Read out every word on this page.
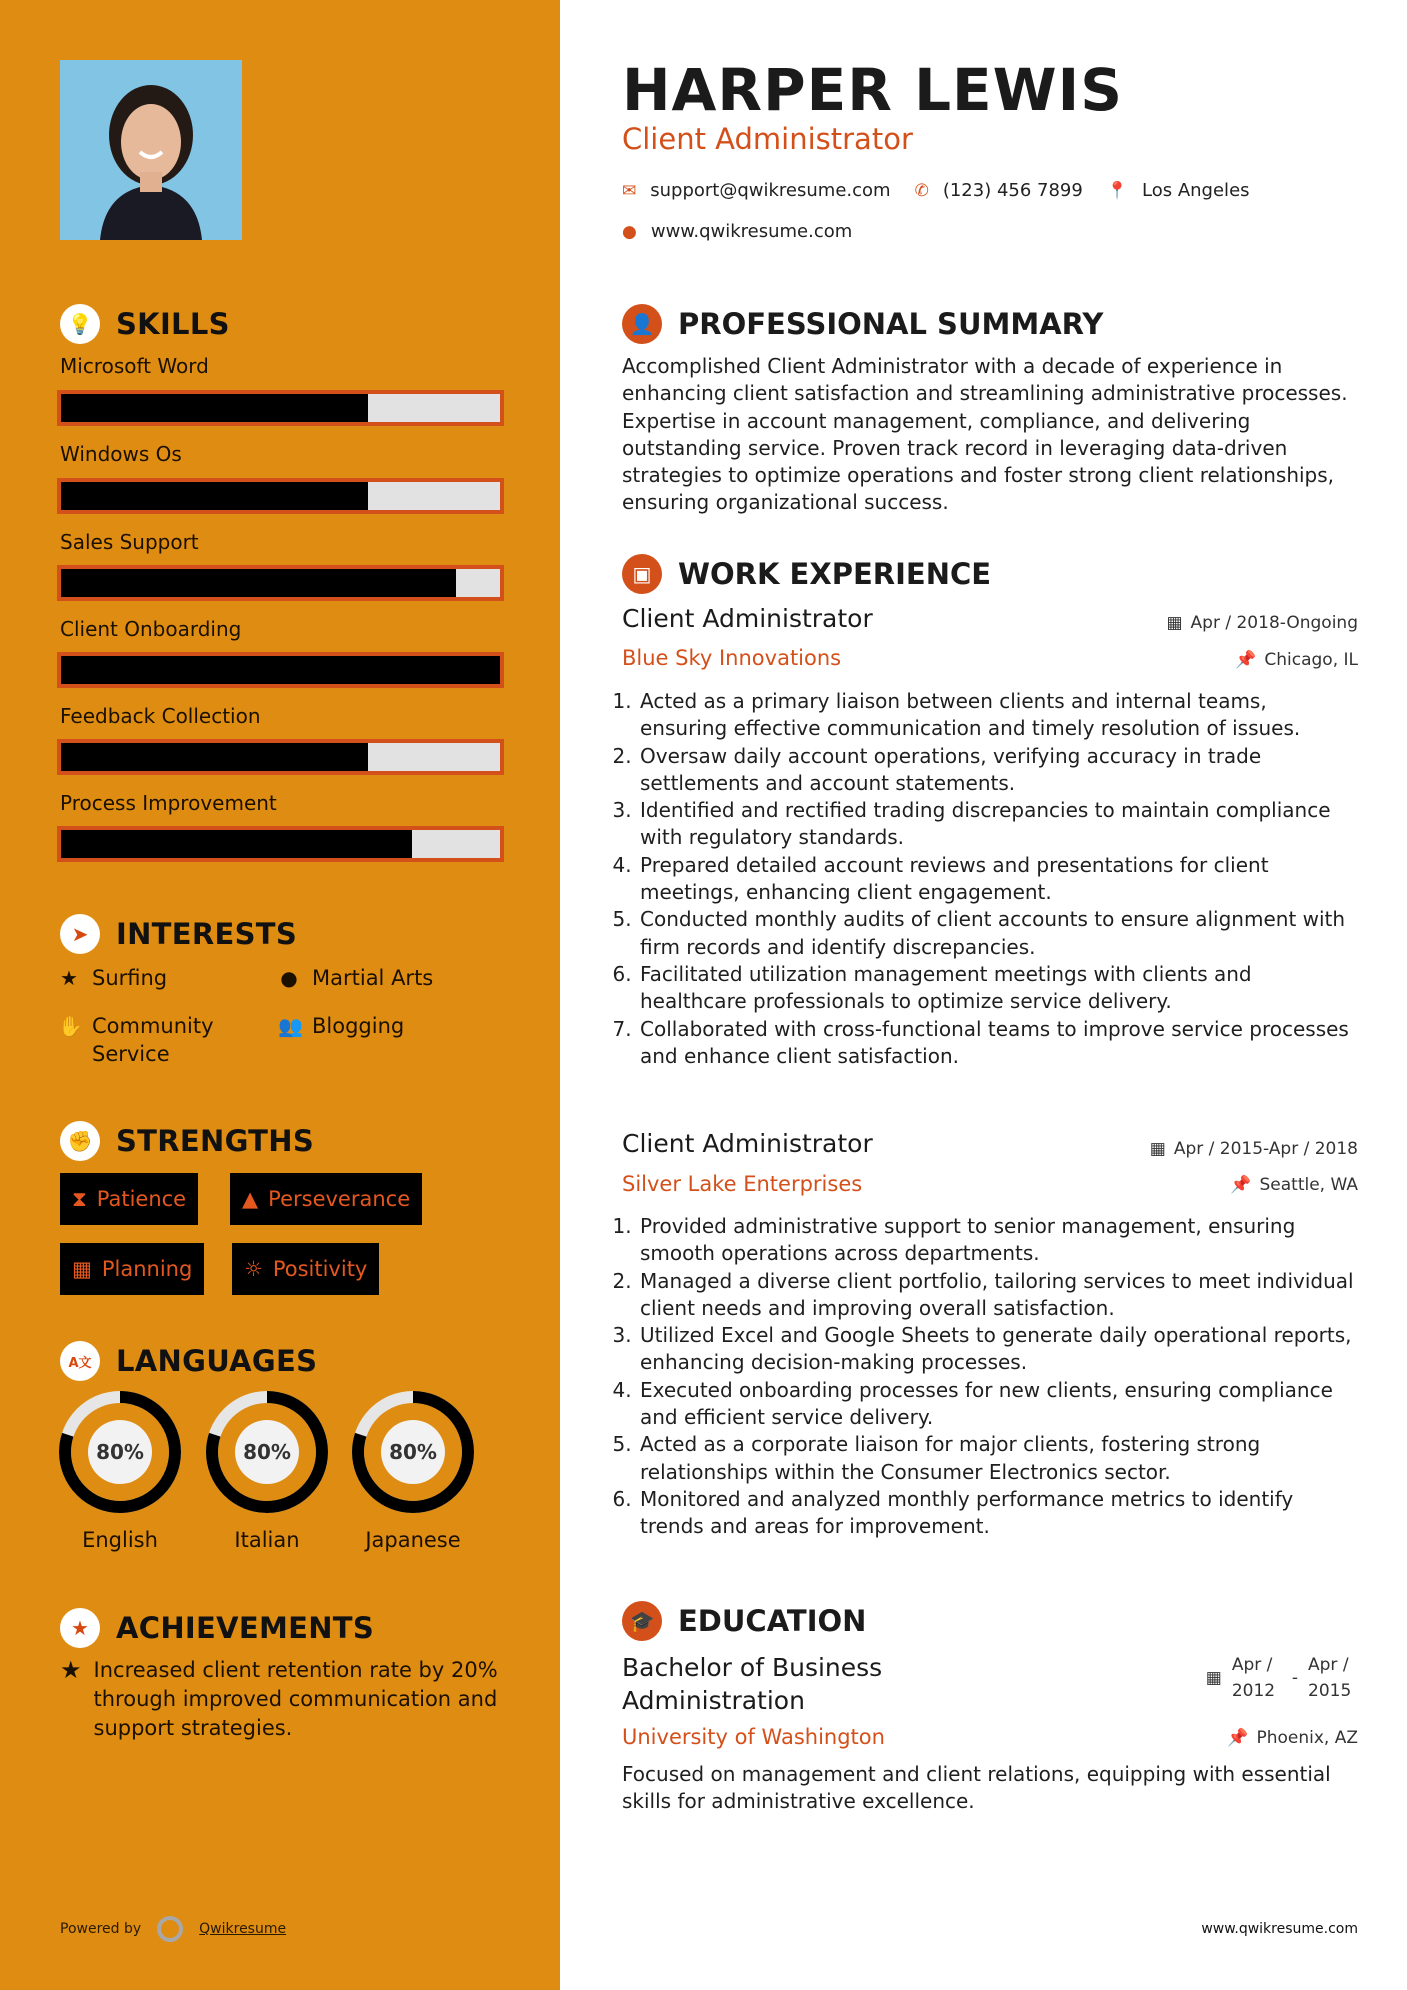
💡 SKILLS
Microsoft Word
Windows Os
Sales Support
Client Onboarding
Feedback Collection
Process Improvement
➤ INTERESTS
★ Surfing	● Martial Arts
✋ Community Service
👥 Blogging
✊ STRENGTHS
⧗ Patience	▲ Perseverance
▦ Planning ☼ Positivity
A文 LANGUAGES
80%	80%	80%
English	Italian	Japanese
★ ACHIEVEMENTS
★ Increased client retention rate by 20% through improved communication and support strategies.
Powered by	Qwikresume
HARPER LEWIS
Client Administrator
✉ support@qwikresume.com ✆ (123) 456 7899 📍 Los Angeles
● www.qwikresume.com
👤 PROFESSIONAL SUMMARY
Accomplished Client Administrator with a decade of experience in enhancing client satisfaction and streamlining administrative processes. Expertise in account management, compliance, and delivering outstanding service. Proven track record in leveraging data-driven strategies to optimize operations and foster strong client relationships, ensuring organizational success.
▣ WORK EXPERIENCE
Client Administrator	▦ Apr / 2018-Ongoing
Blue Sky Innovations	📌 Chicago, IL
1. Acted as a primary liaison between clients and internal teams, ensuring effective communication and timely resolution of issues.
2. Oversaw daily account operations, verifying accuracy in trade settlements and account statements.
3. Identified and rectified trading discrepancies to maintain compliance with regulatory standards.
4. Prepared detailed account reviews and presentations for client meetings, enhancing client engagement.
5. Conducted monthly audits of client accounts to ensure alignment with firm records and identify discrepancies.
6. Facilitated utilization management meetings with clients and healthcare professionals to optimize service delivery.
7. Collaborated with cross-functional teams to improve service processes and enhance client satisfaction.
Client Administrator	▦ Apr / 2015-Apr / 2018
Silver Lake Enterprises	📌 Seattle, WA
1. Provided administrative support to senior management, ensuring smooth operations across departments.
2. Managed a diverse client portfolio, tailoring services to meet individual client needs and improving overall satisfaction.
3. Utilized Excel and Google Sheets to generate daily operational reports, enhancing decision-making processes.
4. Executed onboarding processes for new clients, ensuring compliance and efficient service delivery.
5. Acted as a corporate liaison for major clients, fostering strong relationships within the Consumer Electronics sector.
6. Monitored and analyzed monthly performance metrics to identify trends and areas for improvement.
🎓 EDUCATION
Bachelor of Business Administration
▦
Apr / 2012
-
Apr / 2015
University of Washington	📌 Phoenix, AZ
Focused on management and client relations, equipping with essential skills for administrative excellence.
www.qwikresume.com
